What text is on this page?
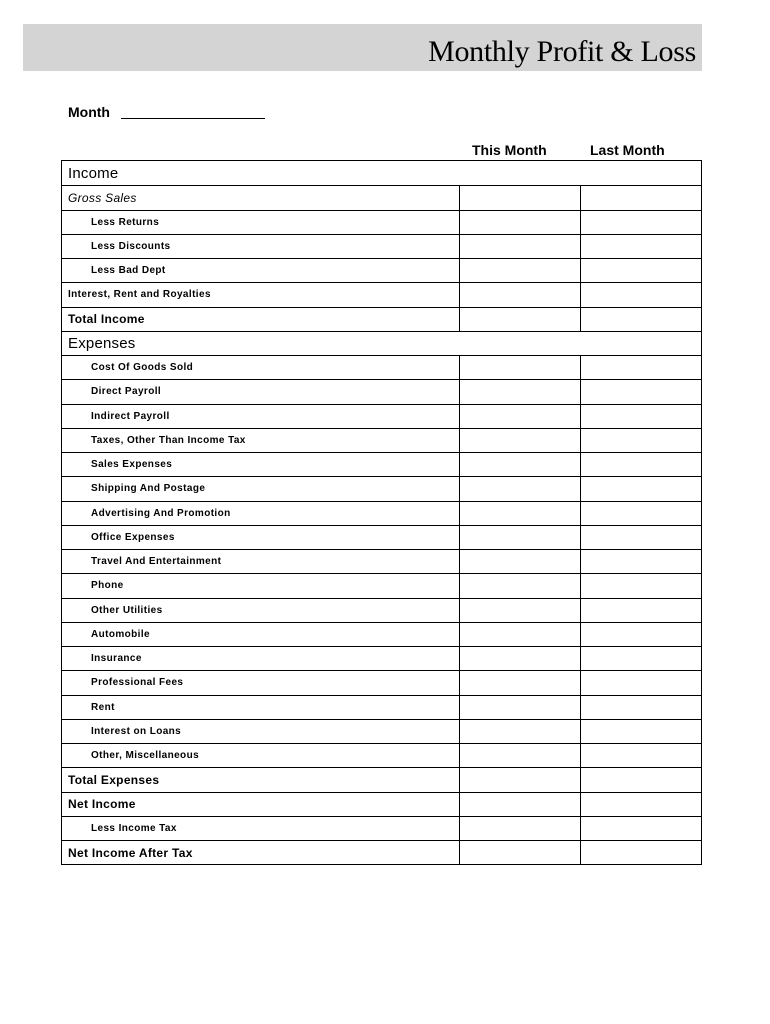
Monthly Profit & Loss
Month
This Month	Last Month
Income
Gross Sales
Less Returns
Less Discounts
Less Bad Dept
Interest, Rent and Royalties
Total Income
Expenses
Cost Of Goods Sold
Direct Payroll
Indirect Payroll
Taxes, Other Than Income Tax
Sales Expenses
Shipping And Postage
Advertising And Promotion
Office Expenses
Travel And Entertainment
Phone
Other Utilities
Automobile
Insurance
Professional Fees
Rent
Interest on Loans
Other, Miscellaneous
Total Expenses
Net Income
Less Income Tax
Net Income After Tax
